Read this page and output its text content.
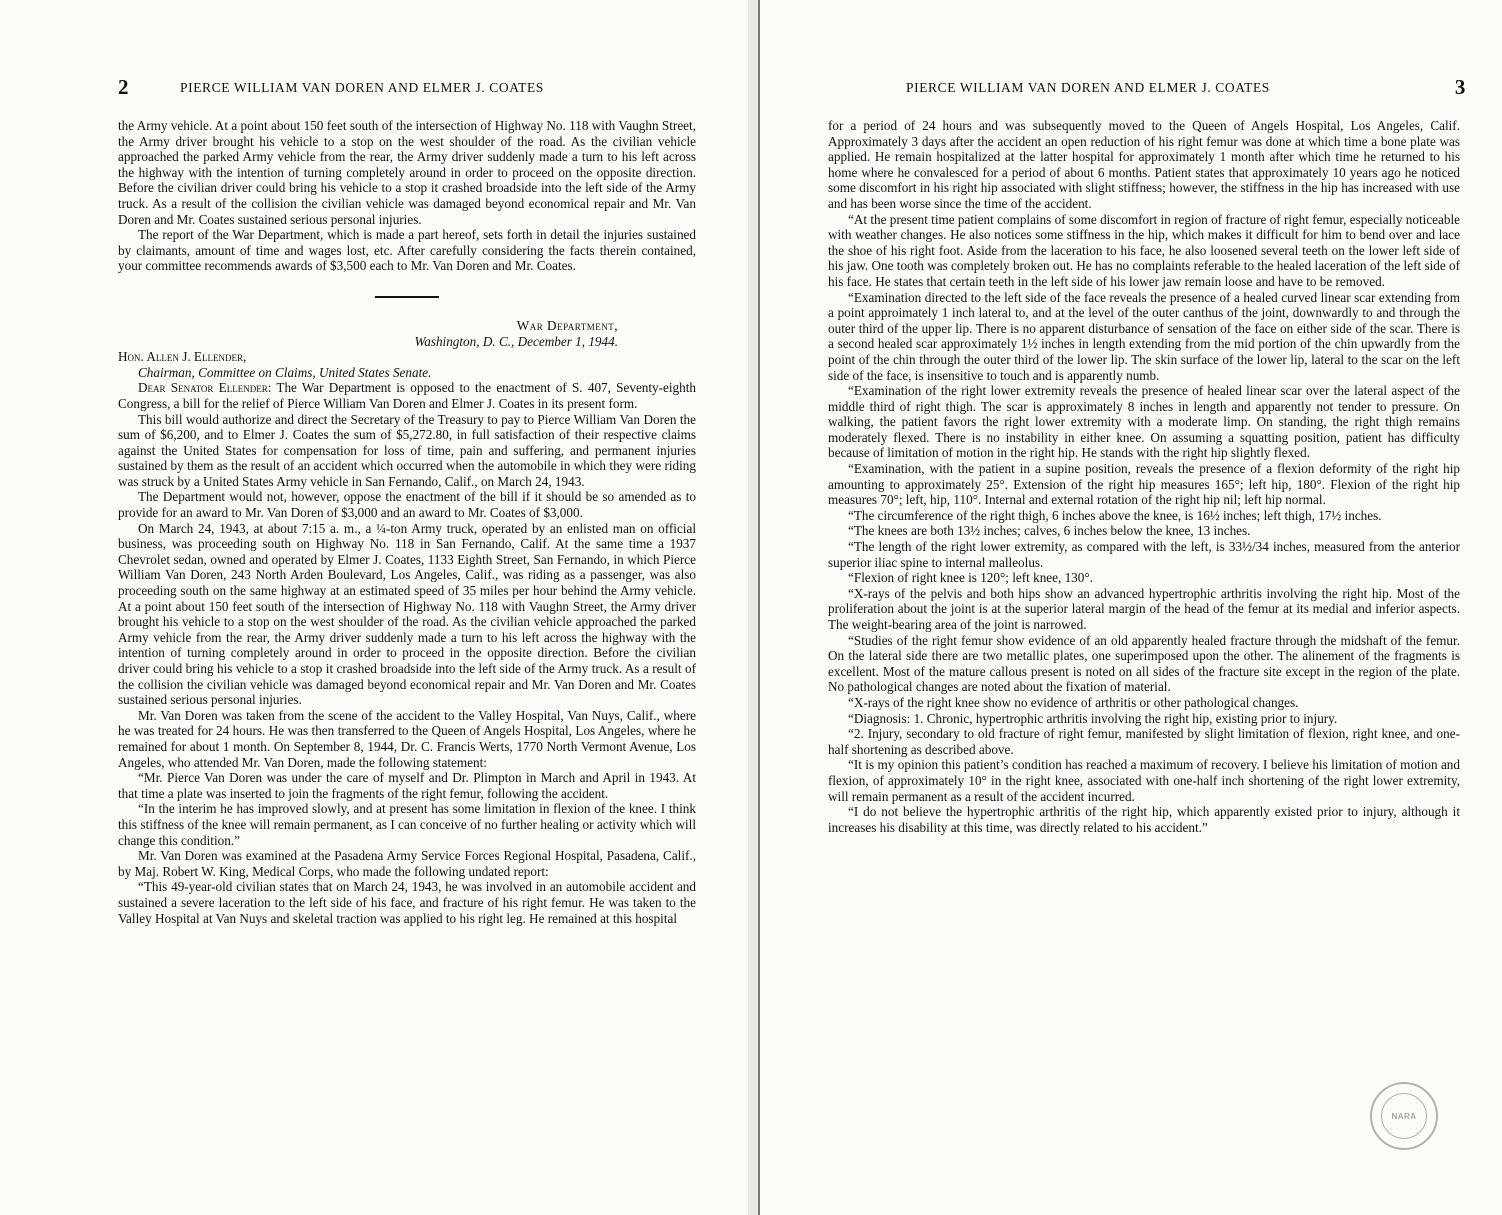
2	PIERCE WILLIAM VAN DOREN AND ELMER J. COATES

the Army vehicle. At a point about 150 feet south of the intersection of Highway No. 118 with Vaughn Street, the Army driver brought his vehicle to a stop on the west shoulder of the road. As the civilian vehicle approached the parked Army vehicle from the rear, the Army driver suddenly made a turn to his left across the highway with the intention of turning completely around in order to proceed on the opposite direction. Before the civilian driver could bring his vehicle to a stop it crashed broadside into the left side of the Army truck. As a result of the collision the civilian vehicle was damaged beyond economical repair and Mr. Van Doren and Mr. Coates sustained serious personal injuries.

The report of the War Department, which is made a part hereof, sets forth in detail the injuries sustained by claimants, amount of time and wages lost, etc. After carefully considering the facts therein contained, your committee recommends awards of $3,500 each to Mr. Van Doren and Mr. Coates.

War Department,
Washington, D. C., December 1, 1944.
Hon. Allen J. Ellender,
Chairman, Committee on Claims, United States Senate.

Dear Senator Ellender: The War Department is opposed to the enactment of S. 407, Seventy-eighth Congress, a bill for the relief of Pierce William Van Doren and Elmer J. Coates in its present form.

This bill would authorize and direct the Secretary of the Treasury to pay to Pierce William Van Doren the sum of $6,200, and to Elmer J. Coates the sum of $5,272.80, in full satisfaction of their respective claims against the United States for compensation for loss of time, pain and suffering, and permanent injuries sustained by them as the result of an accident which occurred when the automobile in which they were riding was struck by a United States Army vehicle in San Fernando, Calif., on March 24, 1943.

The Department would not, however, oppose the enactment of the bill if it should be so amended as to provide for an award to Mr. Van Doren of $3,000 and an award to Mr. Coates of $3,000.

On March 24, 1943, at about 7:15 a. m., a ¼-ton Army truck, operated by an enlisted man on official business, was proceeding south on Highway No. 118 in San Fernando, Calif. At the same time a 1937 Chevrolet sedan, owned and operated by Elmer J. Coates, 1133 Eighth Street, San Fernando, in which Pierce William Van Doren, 243 North Arden Boulevard, Los Angeles, Calif., was riding as a passenger, was also proceeding south on the same highway at an estimated speed of 35 miles per hour behind the Army vehicle. At a point about 150 feet south of the intersection of Highway No. 118 with Vaughn Street, the Army driver brought his vehicle to a stop on the west shoulder of the road. As the civilian vehicle approached the parked Army vehicle from the rear, the Army driver suddenly made a turn to his left across the highway with the intention of turning completely around in order to proceed in the opposite direction. Before the civilian driver could bring his vehicle to a stop it crashed broadside into the left side of the Army truck. As a result of the collision the civilian vehicle was damaged beyond economical repair and Mr. Van Doren and Mr. Coates sustained serious personal injuries.

Mr. Van Doren was taken from the scene of the accident to the Valley Hospital, Van Nuys, Calif., where he was treated for 24 hours. He was then transferred to the Queen of Angels Hospital, Los Angeles, where he remained for about 1 month. On September 8, 1944, Dr. C. Francis Werts, 1770 North Vermont Avenue, Los Angeles, who attended Mr. Van Doren, made the following statement:

“Mr. Pierce Van Doren was under the care of myself and Dr. Plimpton in March and April in 1943. At that time a plate was inserted to join the fragments of the right femur, following the accident.

“In the interim he has improved slowly, and at present has some limitation in flexion of the knee. I think this stiffness of the knee will remain permanent, as I can conceive of no further healing or activity which will change this condition.”

Mr. Van Doren was examined at the Pasadena Army Service Forces Regional Hospital, Pasadena, Calif., by Maj. Robert W. King, Medical Corps, who made the following undated report:

“This 49-year-old civilian states that on March 24, 1943, he was involved in an automobile accident and sustained a severe laceration to the left side of his face, and fracture of his right femur. He was taken to the Valley Hospital at Van Nuys and skeletal traction was applied to his right leg. He remained at this hospital

PIERCE WILLIAM VAN DOREN AND ELMER J. COATES	3

for a period of 24 hours and was subsequently moved to the Queen of Angels Hospital, Los Angeles, Calif. Approximately 3 days after the accident an open reduction of his right femur was done at which time a bone plate was applied. He remain hospitalized at the latter hospital for approximately 1 month after which time he returned to his home where he convalesced for a period of about 6 months. Patient states that approximately 10 years ago he noticed some discomfort in his right hip associated with slight stiffness; however, the stiffness in the hip has increased with use and has been worse since the time of the accident.

“At the present time patient complains of some discomfort in region of fracture of right femur, especially noticeable with weather changes. He also notices some stiffness in the hip, which makes it difficult for him to bend over and lace the shoe of his right foot. Aside from the laceration to his face, he also loosened several teeth on the lower left side of his jaw. One tooth was completely broken out. He has no complaints referable to the healed laceration of the left side of his face. He states that certain teeth in the left side of his lower jaw remain loose and have to be removed.

“Examination directed to the left side of the face reveals the presence of a healed curved linear scar extending from a point approimately 1 inch lateral to, and at the level of the outer canthus of the joint, downwardly to and through the outer third of the upper lip. There is no apparent disturbance of sensation of the face on either side of the scar. There is a second healed scar approximately 1½ inches in length extending from the mid portion of the chin upwardly from the point of the chin through the outer third of the lower lip. The skin surface of the lower lip, lateral to the scar on the left side of the face, is insensitive to touch and is apparently numb.

“Examination of the right lower extremity reveals the presence of healed linear scar over the lateral aspect of the middle third of right thigh. The scar is approximately 8 inches in length and apparently not tender to pressure. On walking, the patient favors the right lower extremity with a moderate limp. On standing, the right thigh remains moderately flexed. There is no instability in either knee. On assuming a squatting position, patient has difficulty because of limitation of motion in the right hip. He stands with the right hip slightly flexed.

“Examination, with the patient in a supine position, reveals the presence of a flexion deformity of the right hip amounting to approximately 25°. Extension of the right hip measures 165°; left hip, 180°. Flexion of the right hip measures 70°; left, hip, 110°. Internal and external rotation of the right hip nil; left hip normal.

“The circumference of the right thigh, 6 inches above the knee, is 16½ inches; left thigh, 17½ inches.

“The knees are both 13½ inches; calves, 6 inches below the knee, 13 inches.

“The length of the right lower extremity, as compared with the left, is 33½/34 inches, measured from the anterior superior iliac spine to internal malleolus.

“Flexion of right knee is 120°; left knee, 130°.

“X-rays of the pelvis and both hips show an advanced hypertrophic arthritis involving the right hip. Most of the proliferation about the joint is at the superior lateral margin of the head of the femur at its medial and inferior aspects. The weight-bearing area of the joint is narrowed.

“Studies of the right femur show evidence of an old apparently healed fracture through the midshaft of the femur. On the lateral side there are two metallic plates, one superimposed upon the other. The alinement of the fragments is excellent. Most of the mature callous present is noted on all sides of the fracture site except in the region of the plate. No pathological changes are noted about the fixation of material.

“X-rays of the right knee show no evidence of arthritis or other pathological changes.

“Diagnosis: 1. Chronic, hypertrophic arthritis involving the right hip, existing prior to injury.

“2. Injury, secondary to old fracture of right femur, manifested by slight limitation of flexion, right knee, and one-half shortening as described above.

“It is my opinion this patient’s condition has reached a maximum of recovery. I believe his limitation of motion and flexion, of approximately 10° in the right knee, associated with one-half inch shortening of the right lower extremity, will remain permanent as a result of the accident incurred.

“I do not believe the hypertrophic arthritis of the right hip, which apparently existed prior to injury, although it increases his disability at this time, was directly related to his accident.”

NARA
